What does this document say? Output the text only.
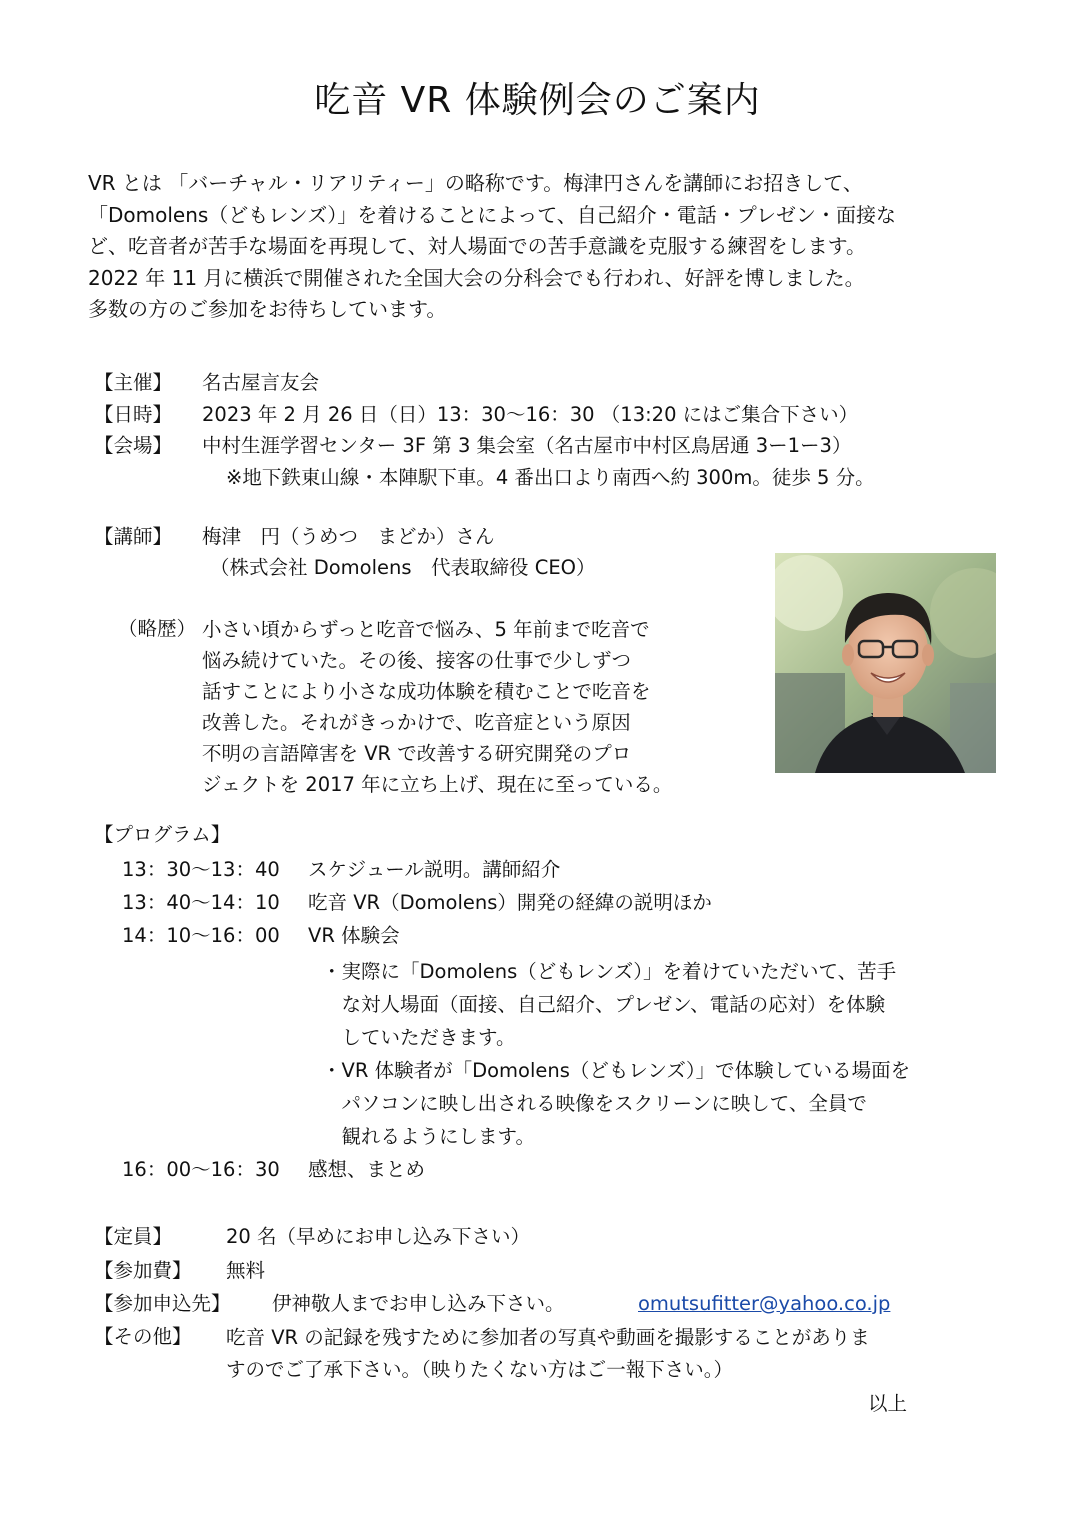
吃音 VR 体験例会のご案内
VR とは 「バーチャル・リアリティー」の略称です。梅津円さんを講師にお招きして、
「Domolens（どもレンズ）」を着けることによって、自己紹介・電話・プレゼン・面接な
ど、吃音者が苦手な場面を再現して、対人場面での苦手意識を克服する練習をします。
2022 年 11 月に横浜で開催された全国大会の分科会でも行われ、好評を博しました。
多数の方のご参加をお待ちしています。
【主催】 名古屋言友会
【日時】 2023 年 2 月 26 日（日）13：30〜16：30 （13:20 にはご集合下さい）
【会場】 中村生涯学習センター 3F 第 3 集会室（名古屋市中村区鳥居通 3ー1ー3）
※地下鉄東山線・本陣駅下車。4 番出口より南西へ約 300m。徒歩 5 分。
【講師】 梅津　円（うめつ　まどか）さん
（株式会社 Domolens　代表取締役 CEO）
（略歴） 小さい頃からずっと吃音で悩み、5 年前まで吃音で
悩み続けていた。その後、接客の仕事で少しずつ
話すことにより小さな成功体験を積むことで吃音を
改善した。それがきっかけで、吃音症という原因
不明の言語障害を VR で改善する研究開発のプロ
ジェクトを 2017 年に立ち上げ、現在に至っている。
【プログラム】
13：30〜13：40 スケジュール説明。講師紹介
13：40〜14：10 吃音 VR（Domolens）開発の経緯の説明ほか
14：10〜16：00 VR 体験会
・実際に「Domolens（どもレンズ）」を着けていただいて、苦手
　な対人場面（面接、自己紹介、プレゼン、電話の応対）を体験
　していただきます。
・VR 体験者が「Domolens（どもレンズ）」で体験している場面を
　パソコンに映し出される映像をスクリーンに映して、全員で
　観れるようにします。
16：00〜16：30 感想、まとめ
【定員】	20 名（早めにお申し込み下さい）
【参加費】 無料
【参加申込先】 伊神敬人までお申し込み下さい。	omutsufitter@yahoo.co.jp
【その他】 吃音 VR の記録を残すために参加者の写真や動画を撮影することがありま
すのでご了承下さい。（映りたくない方はご一報下さい。）
以上
